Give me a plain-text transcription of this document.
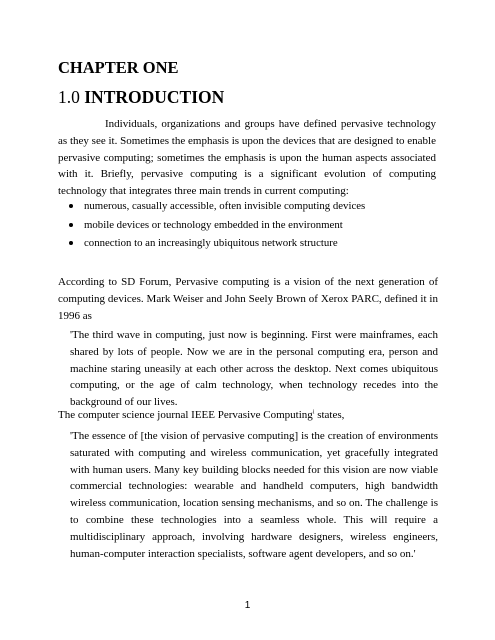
CHAPTER ONE
1.0 INTRODUCTION

Individuals, organizations and groups have defined pervasive technology as they see it. Sometimes the emphasis is upon the devices that are designed to enable pervasive computing; sometimes the emphasis is upon the human aspects associated with it. Briefly, pervasive computing is a significant evolution of computing technology that integrates three main trends in current computing:

numerous, casually accessible, often invisible computing devices
mobile devices or technology embedded in the environment
connection to an increasingly ubiquitous network structure

According to SD Forum, Pervasive computing is a vision of the next generation of computing devices. Mark Weiser and John Seely Brown of Xerox PARC, defined it in 1996 as

'The third wave in computing, just now is beginning. First were mainframes, each shared by lots of people. Now we are in the personal computing era, person and machine staring uneasily at each other across the desktop. Next comes ubiquitous computing, or the age of calm technology, when technology recedes into the background of our lives.

The computer science journal IEEE Pervasive Computing$^i$ states,

'The essence of [the vision of pervasive computing] is the creation of environments saturated with computing and wireless communication, yet gracefully integrated with human users. Many key building blocks needed for this vision are now viable commercial technologies: wearable and handheld computers, high bandwidth wireless communication, location sensing mechanisms, and so on. The challenge is to combine these technologies into a seamless whole. This will require a multidisciplinary approach, involving hardware designers, wireless engineers, human-computer interaction specialists, software agent developers, and so on.'

1
